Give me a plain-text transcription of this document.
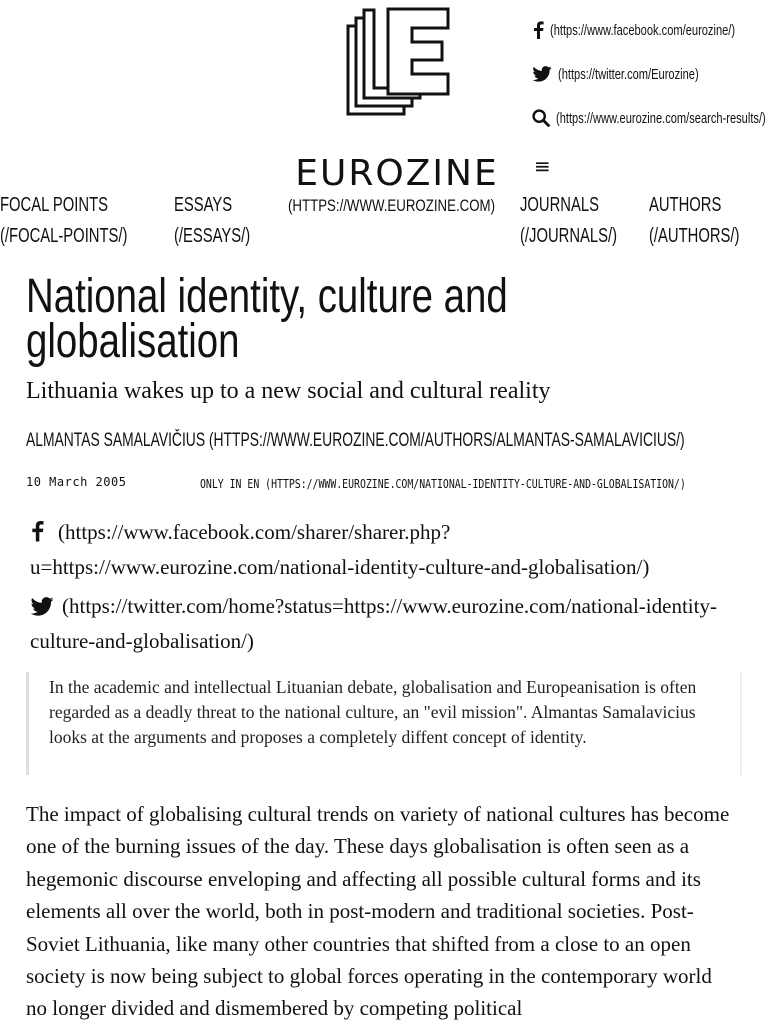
EUROZINE
(HTTPS://WWW.EUROZINE.COM)
(https://www.facebook.com/eurozine/)
(https://twitter.com/Eurozine)
(https://www.eurozine.com/search-results/)
≡
FOCAL POINTS (/FOCAL-POINTS/)
ESSAYS (/ESSAYS/)
JOURNALS (/JOURNALS/)
AUTHORS (/AUTHORS/)
National identity, culture and globalisation
Lithuania wakes up to a new social and cultural reality
ALMANTAS SAMALAVIČIUS (HTTPS://WWW.EUROZINE.COM/AUTHORS/ALMANTAS-SAMALAVICIUS/)
10 March 2005	ONLY IN EN (HTTPS://WWW.EUROZINE.COM/NATIONAL-IDENTITY-CULTURE-AND-GLOBALISATION/)
(https://www.facebook.com/sharer/sharer.php?u=https://www.eurozine.com/national-identity-culture-and-globalisation/)
(https://twitter.com/home?status=https://www.eurozine.com/national-identity-culture-and-globalisation/)
In the academic and intellectual Lituanian debate, globalisation and Europeanisation is often regarded as a deadly threat to the national culture, an "evil mission". Almantas Samalavicius looks at the arguments and proposes a completely diffent concept of identity.
The impact of globalising cultural trends on variety of national cultures has become one of the burning issues of the day. These days globalisation is often seen as a hegemonic discourse enveloping and affecting all possible cultural forms and its elements all over the world, both in post-modern and traditional societies. Post-Soviet Lithuania, like many other countries that shifted from a close to an open society is now being subject to global forces operating in the contemporary world no longer divided and dismembered by competing political
